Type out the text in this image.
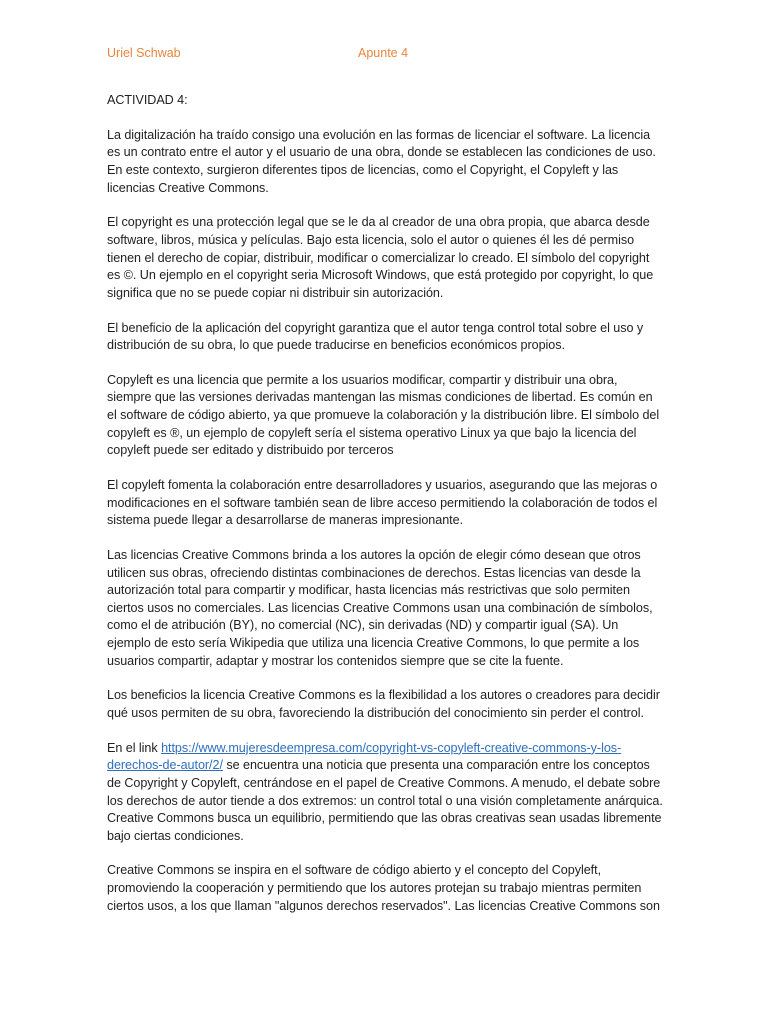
Uriel Schwab	Apunte 4

ACTIVIDAD 4:

La digitalización ha traído consigo una evolución en las formas de licenciar el software. La licencia es un contrato entre el autor y el usuario de una obra, donde se establecen las condiciones de uso. En este contexto, surgieron diferentes tipos de licencias, como el Copyright, el Copyleft y las licencias Creative Commons.

El copyright es una protección legal que se le da al creador de una obra propia, que abarca desde software, libros, música y películas. Bajo esta licencia, solo el autor o quienes él les dé permiso tienen el derecho de copiar, distribuir, modificar o comercializar lo creado. El símbolo del copyright es ©. Un ejemplo en el copyright seria Microsoft Windows, que está protegido por copyright, lo que significa que no se puede copiar ni distribuir sin autorización.

El beneficio de la aplicación del copyright garantiza que el autor tenga control total sobre el uso y distribución de su obra, lo que puede traducirse en beneficios económicos propios.

Copyleft es una licencia que permite a los usuarios modificar, compartir y distribuir una obra, siempre que las versiones derivadas mantengan las mismas condiciones de libertad. Es común en el software de código abierto, ya que promueve la colaboración y la distribución libre. El símbolo del copyleft es ®, un ejemplo de copyleft sería el sistema operativo Linux ya que bajo la licencia del copyleft puede ser editado y distribuido por terceros

El copyleft fomenta la colaboración entre desarrolladores y usuarios, asegurando que las mejoras o modificaciones en el software también sean de libre acceso permitiendo la colaboración de todos el sistema puede llegar a desarrollarse de maneras impresionante.

Las licencias Creative Commons brinda a los autores la opción de elegir cómo desean que otros utilicen sus obras, ofreciendo distintas combinaciones de derechos. Estas licencias van desde la autorización total para compartir y modificar, hasta licencias más restrictivas que solo permiten ciertos usos no comerciales. Las licencias Creative Commons usan una combinación de símbolos, como el de atribución (BY), no comercial (NC), sin derivadas (ND) y compartir igual (SA). Un ejemplo de esto sería Wikipedia que utiliza una licencia Creative Commons, lo que permite a los usuarios compartir, adaptar y mostrar los contenidos siempre que se cite la fuente.

Los beneficios la licencia Creative Commons es la flexibilidad a los autores o creadores para decidir qué usos permiten de su obra, favoreciendo la distribución del conocimiento sin perder el control.

En el link https://www.mujeresdeempresa.com/copyright-vs-copyleft-creative-commons-y-los-derechos-de-autor/2/ se encuentra una noticia que presenta una comparación entre los conceptos de Copyright y Copyleft, centrándose en el papel de Creative Commons. A menudo, el debate sobre los derechos de autor tiende a dos extremos: un control total o una visión completamente anárquica. Creative Commons busca un equilibrio, permitiendo que las obras creativas sean usadas libremente bajo ciertas condiciones.

Creative Commons se inspira en el software de código abierto y el concepto del Copyleft, promoviendo la cooperación y permitiendo que los autores protejan su trabajo mientras permiten ciertos usos, a los que llaman "algunos derechos reservados". Las licencias Creative Commons son
